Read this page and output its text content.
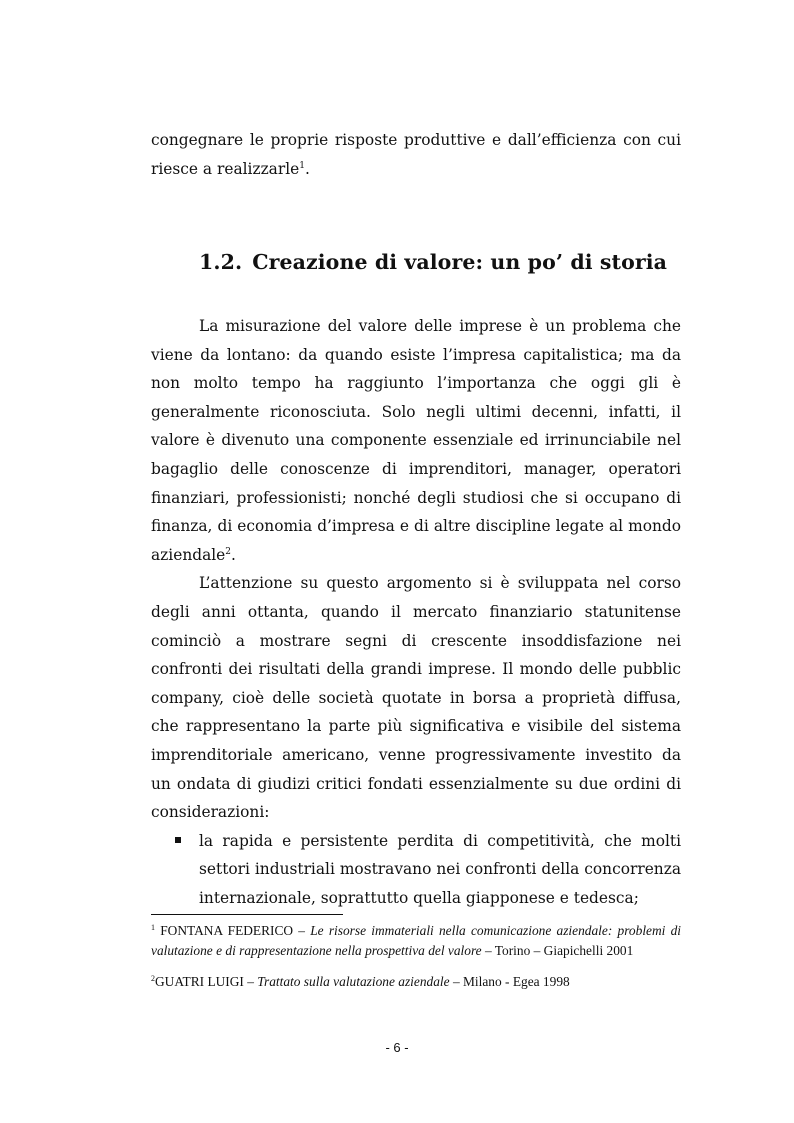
congegnare le proprie risposte produttive e dall’efficienza con cui riesce a realizzarle$^1$.

1.2. Creazione di valore: un po’ di storia

La misurazione del valore delle imprese è un problema che viene da lontano: da quando esiste l’impresa capitalistica; ma da non molto tempo ha raggiunto l’importanza che oggi gli è generalmente riconosciuta. Solo negli ultimi decenni, infatti, il valore è divenuto una componente essenziale ed irrinunciabile nel bagaglio delle conoscenze di imprenditori, manager, operatori finanziari, professionisti; nonché degli studiosi che si occupano di finanza, di economia d’impresa e di altre discipline legate al mondo aziendale$^2$.

L’attenzione su questo argomento si è sviluppata nel corso degli anni ottanta, quando il mercato finanziario statunitense cominciò a mostrare segni di crescente insoddisfazione nei confronti dei risultati della grandi imprese. Il mondo delle pubblic company, cioè delle società quotate in borsa a proprietà diffusa, che rappresentano la parte più significativa e visibile del sistema imprenditoriale americano, venne progressivamente investito da un ondata di giudizi critici fondati essenzialmente su due ordini di considerazioni:

la rapida e persistente perdita di competitività, che molti settori industriali mostravano nei confronti della concorrenza internazionale, soprattutto quella giapponese e tedesca;

$^1$ FONTANA FEDERICO – Le risorse immateriali nella comunicazione aziendale: problemi di valutazione e di rappresentazione nella prospettiva del valore – Torino – Giapichelli 2001

$^2$GUATRI LUIGI – Trattato sulla valutazione aziendale – Milano - Egea 1998

- 6 -
